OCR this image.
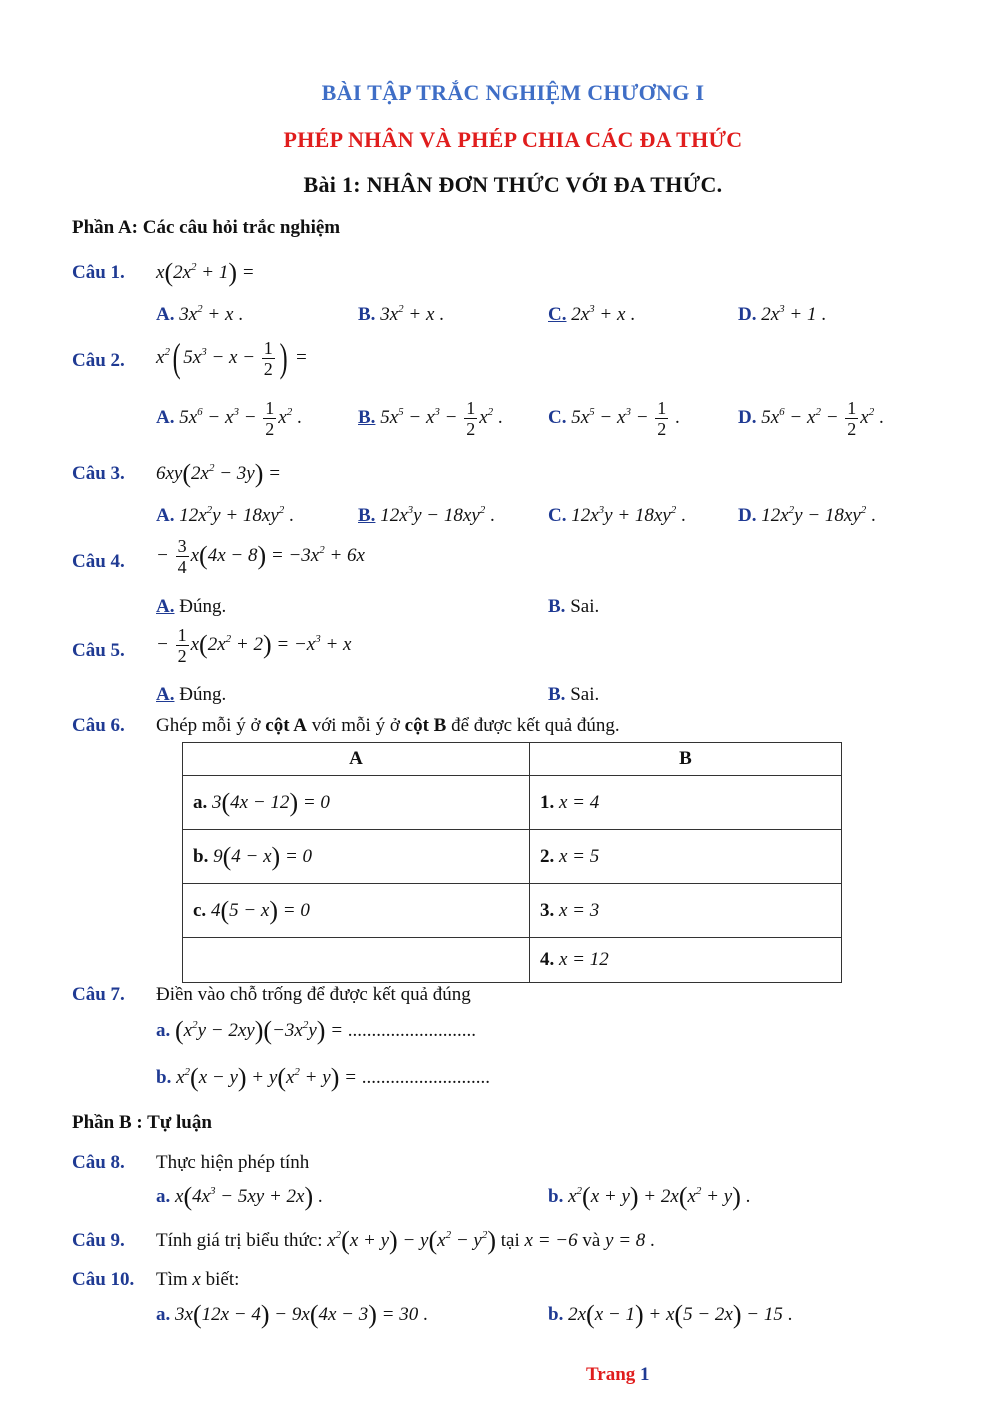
BÀI TẬP TRẮC NGHIỆM CHƯƠNG I
PHÉP NHÂN VÀ PHÉP CHIA CÁC ĐA THỨC
Bài 1: NHÂN ĐƠN THỨC VỚI ĐA THỨC.
Phần A: Các câu hỏi trắc nghiệm
Câu 1. $x(2x^2 + 1)$ =
A. $3x^2 + x$ .	B. $3x^2 + x$ .	C. $2x^3 + x$ .	D. $2x^3 + 1$ .
Câu 2. $x^2$( $5x^3 - x - \frac{1}{2}$ ) =
A. $5x^6 - x^3 - \frac{1}{2} x^2$ .	B. $5x^5 - x^3 - \frac{1}{2} x^2$ . C. $5x^5 - x^3 - \frac{1}{2}$ .	D. $5x^6 - x^2 - \frac{1}{2} x^2$ .
Câu 3. $6xy(2x^2 - 3y)$ =
A. $12x^2y + 18xy^2$ .	B. $12x^3y - 18xy^2$ .	C. $12x^3y + 18xy^2$ .	D. $12x^2y - 18xy^2$ .
Câu 4. − $\frac{3}{4} x(4x - 8) = -3x^2 + 6x$
A. Đúng.	B. Sai.
Câu 5. − $\frac{1}{2} x(2x^2 + 2) = -x^3 + x$
A. Đúng.	B. Sai.
Câu 6. Ghép mỗi ý ở cột A với mỗi ý ở cột B để được kết quả đúng.
A	B
a. 3(4x − 12) = 0	1. x = 4
b. 9(4 − x) = 0	2. x = 5
c. 4(5 − x) = 0	3. x = 3
	4. x = 12
Câu 7. Điền vào chỗ trống để được kết quả đúng
a. $(x^2y - 2xy)(-3x^2y)$ = ...........................
b. $x^2(x - y) + y(x^2 + y)$ = ...........................
Phần B : Tự luận
Câu 8. Thực hiện phép tính
a. $x(4x^3 - 5xy + 2x)$ .	b. $x^2(x + y) + 2x(x^2 + y)$ .
Câu 9. Tính giá trị biểu thức: $x^2(x + y) - y(x^2 - y^2)$ tại x = −6 và y = 8 .
Câu 10. Tìm x biết:
a. 3x(12x − 4) − 9x(4x − 3) = 30 .	b. 2x(x − 1) + x(5 − 2x) − 15 .
Trang 1
